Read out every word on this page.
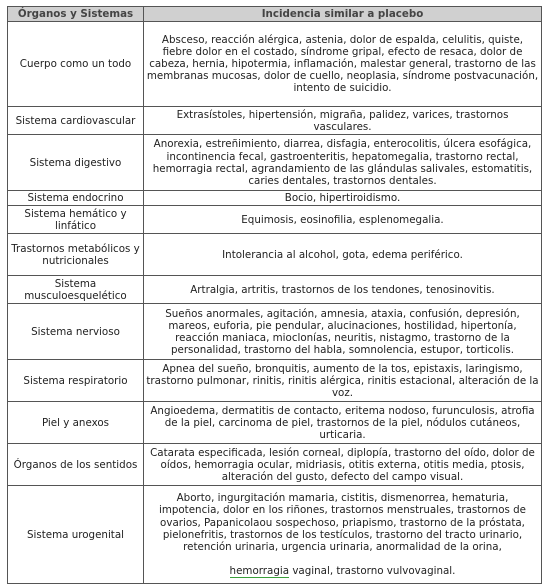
Órganos y Sistemas	Incidencia similar a placebo
Cuerpo como un todo	Absceso, reacción alérgica, astenia, dolor de espalda, celulitis, quiste, fiebre dolor en el costado, síndrome gripal, efecto de resaca, dolor de cabeza, hernia, hipotermia, inflamación, malestar general, trastorno de las membranas mucosas, dolor de cuello, neoplasia, síndrome postvacunación, intento de suicidio.
Sistema cardiovascular	Extrasístoles, hipertensión, migraña, palidez, varices, trastornos vasculares.
Sistema digestivo	Anorexia, estreñimiento, diarrea, disfagia, enterocolitis, úlcera esofágica, incontinencia fecal, gastroenteritis, hepatomegalia, trastorno rectal, hemorragia rectal, agrandamiento de las glándulas salivales, estomatitis, caries dentales, trastornos dentales.
Sistema endocrino	Bocio, hipertiroidismo.
Sistema hemático y linfático	Equimosis, eosinofilia, esplenomegalia.
Trastornos metabólicos y nutricionales	Intolerancia al alcohol, gota, edema periférico.
Sistema musculoesquelético	Artralgia, artritis, trastornos de los tendones, tenosinovitis.
Sistema nervioso	Sueños anormales, agitación, amnesia, ataxia, confusión, depresión, mareos, euforia, pie pendular, alucinaciones, hostilidad, hipertonía, reacción maniaca, mioclonías, neuritis, nistagmo, trastorno de la personalidad, trastorno del habla, somnolencia, estupor, torticolis.
Sistema respiratorio	Apnea del sueño, bronquitis, aumento de la tos, epistaxis, laringismo, trastorno pulmonar, rinitis, rinitis alérgica, rinitis estacional, alteración de la voz.
Piel y anexos	Angioedema, dermatitis de contacto, eritema nodoso, furunculosis, atrofia de la piel, carcinoma de piel, trastornos de la piel, nódulos cutáneos, urticaria.
Órganos de los sentidos	Catarata especificada, lesión corneal, diplopía, trastorno del oído, dolor de oídos, hemorragia ocular, midriasis, otitis externa, otitis media, ptosis, alteración del gusto, defecto del campo visual.
Sistema urogenital	Aborto, ingurgitación mamaria, cistitis, dismenorrea, hematuria, impotencia, dolor en los riñones, trastornos menstruales, trastornos de ovarios, Papanicolaou sospechoso, priapismo, trastorno de la próstata, pielonefritis, trastornos de los testículos, trastorno del tracto urinario, retención urinaria, urgencia urinaria, anormalidad de la orina,

hemorragia vaginal, trastorno vulvovaginal.
